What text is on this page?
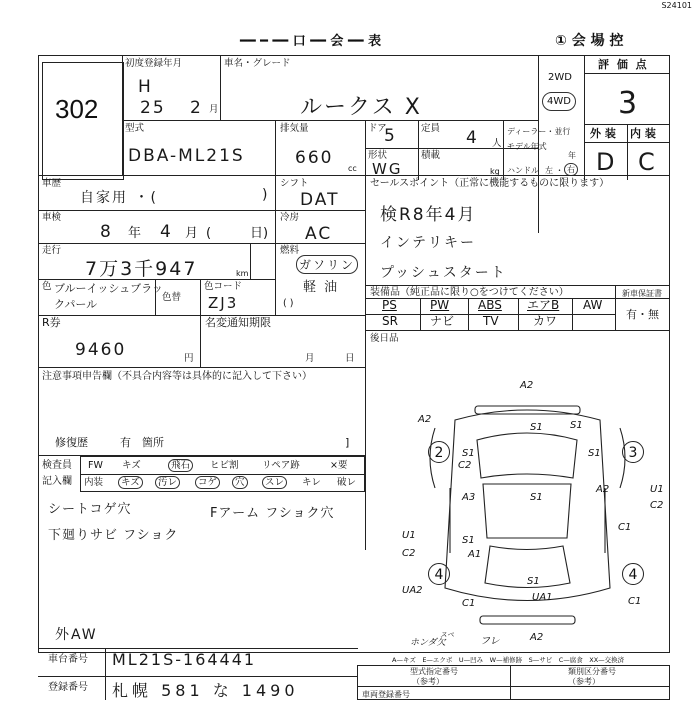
S24101
━━ ━ ━━ 口 ━━ 会 ━━ 表	① 会 場 控
302
初度登録年月
H
25 2 月
車名・グレード
ルークス X
2WD
4WD
評 価 点
3
外 装 内 装
D C
型式
DBA-ML21S
排気量
660
cc
ドア
5	定員 4 人
形状
WG
積載
kg
ディーラー・並行
モデル年式
年
ハンドル 左 ・ 右
車歴
自家用 ・(	)
シフト
DAT
セールスポイント（正常に機能するものに限ります）
検R8年4月
インテリキー
プッシュスタート
車検
8 年 4 月 (	日)
冷房
AC
走行
7万3千947	km
燃料
ガソリン
軽 油
( )
色 ブルーイッシュブラックパール
色替
色コード
ZJ3
装備品（純正品に限り○をつけてください）	新車保証書
有・無
PS	PW ABS エアB AW
SR	ナビ TV	カワ
R券
9460	円
名変通知期限
月	日
後日品
注意事項申告欄（不具合内容等は具体的に記入して下さい）
修復歴	有 箇所	]
検査員
記入欄
FW キズ	飛石	ヒビ割 リペア跡	×要
内装	キズ	汚レ	コゲ	穴	スレ	キレ 破レ
シートコゲ穴
下廻りサビ フショク
Fアーム フショク穴
外AW
2	3
4	4
A2
A2
S1	S1
S1
S1
C2
A3	S1
A2	U1
C2
U1
C2
S1
A1
S1
UA1
UA2
C1	C1
C1
フレ	A2
スペ
ホンダ欠
車台番号 ML21S-164441
登録番号 札幌 581 な 1490
A—キズ　E—エクボ　U—凹み　W—補修跡　S—サビ　C—腐食　XX—交換済
型式指定番号
（参考）
類別区分番号
（参考）
車両登録番号
